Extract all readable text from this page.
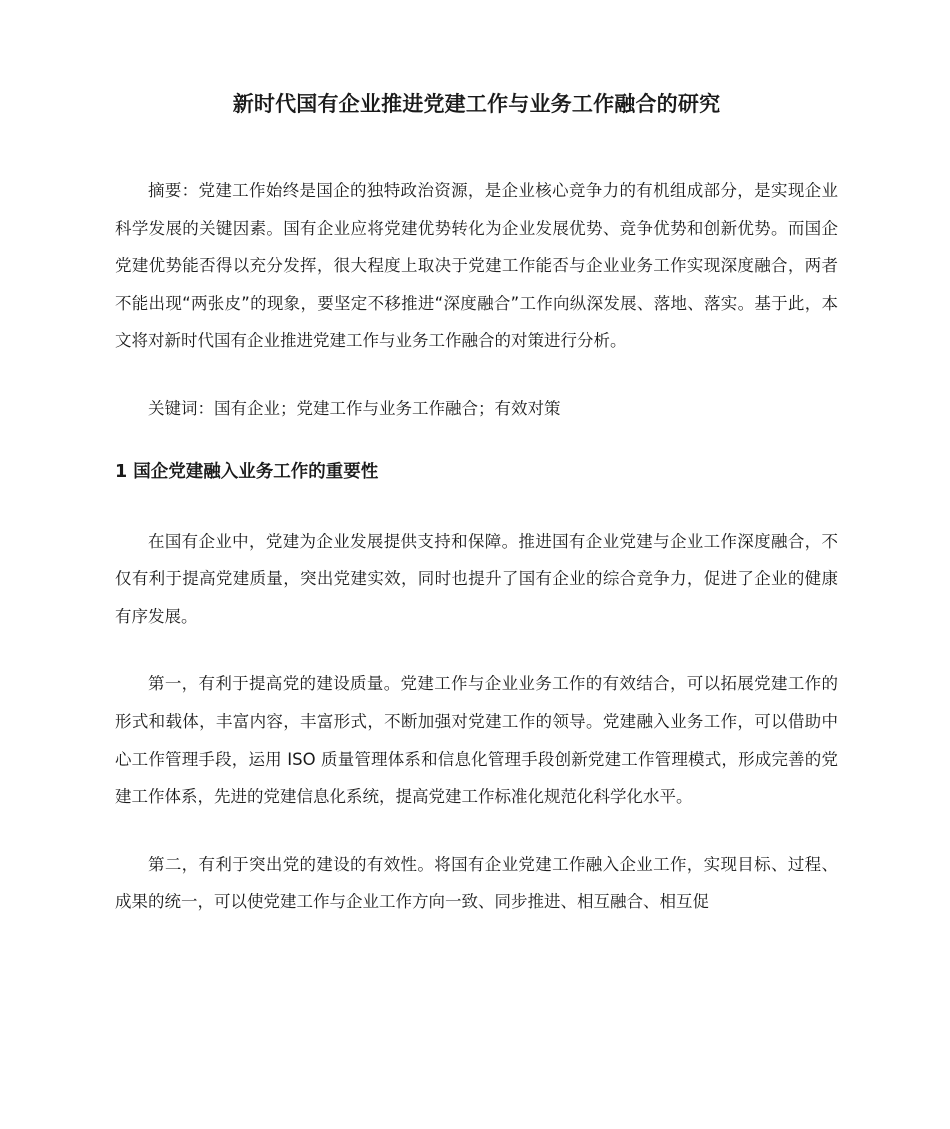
新时代国有企业推进党建工作与业务工作融合的研究

摘要：党建工作始终是国企的独特政治资源，是企业核心竞争力的有机组成部分，是实现企业科学发展的关键因素。国有企业应将党建优势转化为企业发展优势、竞争优势和创新优势。而国企党建优势能否得以充分发挥，很大程度上取决于党建工作能否与企业业务工作实现深度融合，两者不能出现“两张皮”的现象，要坚定不移推进“深度融合”工作向纵深发展、落地、落实。基于此，本文将对新时代国有企业推进党建工作与业务工作融合的对策进行分析。

关键词：国有企业；党建工作与业务工作融合；有效对策

1 国企党建融入业务工作的重要性

在国有企业中，党建为企业发展提供支持和保障。推进国有企业党建与企业工作深度融合，不仅有利于提高党建质量，突出党建实效，同时也提升了国有企业的综合竞争力，促进了企业的健康有序发展。

第一，有利于提高党的建设质量。党建工作与企业业务工作的有效结合，可以拓展党建工作的形式和载体，丰富内容，丰富形式，不断加强对党建工作的领导。党建融入业务工作，可以借助中心工作管理手段，运用 ISO 质量管理体系和信息化管理手段创新党建工作管理模式，形成完善的党建工作体系，先进的党建信息化系统，提高党建工作标准化规范化科学化水平。

第二，有利于突出党的建设的有效性。将国有企业党建工作融入企业工作，实现目标、过程、成果的统一，可以使党建工作与企业工作方向一致、同步推进、相互融合、相互促
